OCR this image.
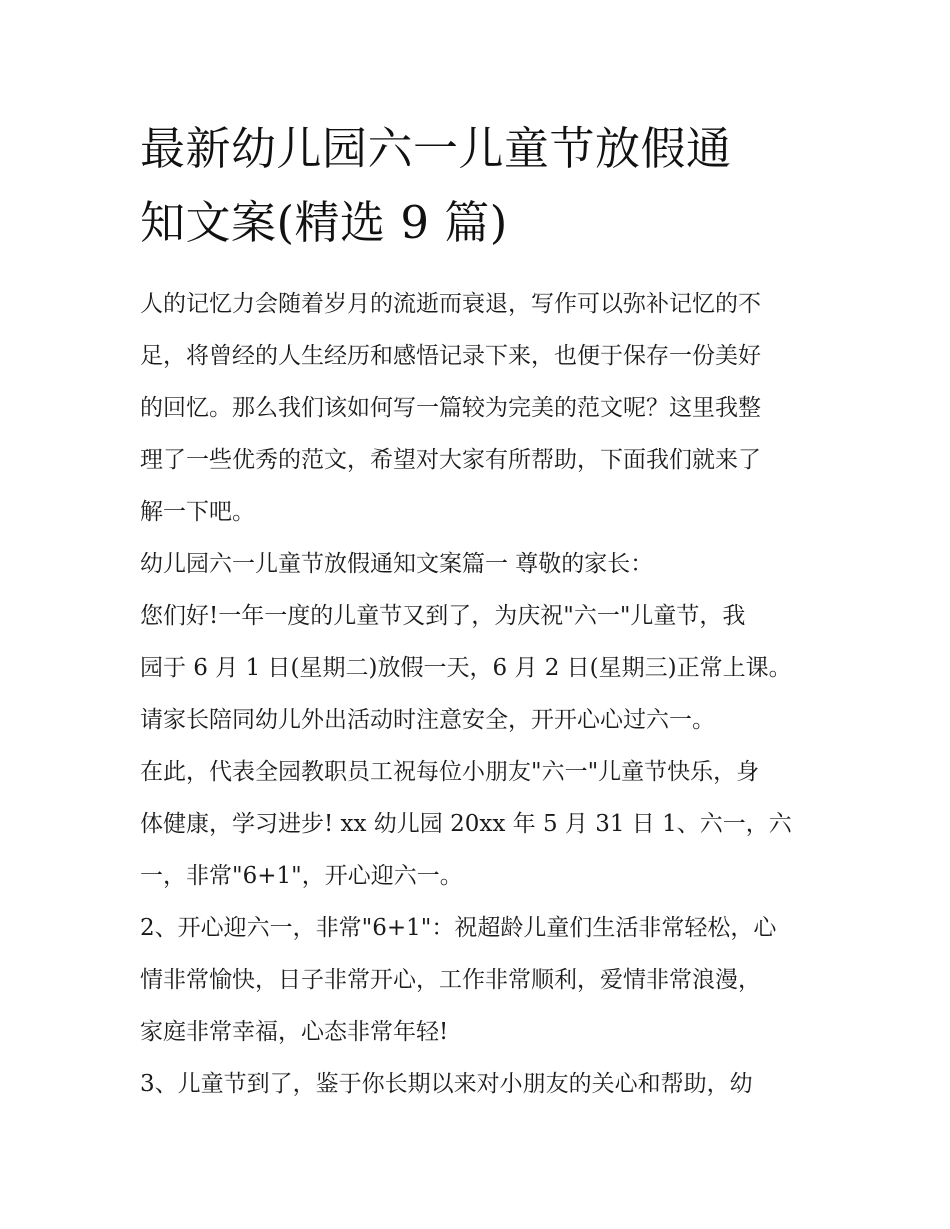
最新幼儿园六一儿童节放假通
知文案(精选 9 篇)

人的记忆力会随着岁月的流逝而衰退，写作可以弥补记忆的不
足，将曾经的人生经历和感悟记录下来，也便于保存一份美好
的回忆。那么我们该如何写一篇较为完美的范文呢？这里我整
理了一些优秀的范文，希望对大家有所帮助，下面我们就来了
解一下吧。

幼儿园六一儿童节放假通知文案篇一 尊敬的家长：

您们好!一年一度的儿童节又到了，为庆祝"六一"儿童节，我
园于 6 月 1 日(星期二)放假一天，6 月 2 日(星期三)正常上课。
请家长陪同幼儿外出活动时注意安全，开开心心过六一。

在此，代表全园教职员工祝每位小朋友"六一"儿童节快乐，身
体健康，学习进步! xx 幼儿园 20xx 年 5 月 31 日 1、六一，六
一，非常"6+1"，开心迎六一。

2、开心迎六一，非常"6+1"：祝超龄儿童们生活非常轻松，心
情非常愉快，日子非常开心，工作非常顺利，爱情非常浪漫，
家庭非常幸福，心态非常年轻!

3、儿童节到了，鉴于你长期以来对小朋友的关心和帮助，幼
